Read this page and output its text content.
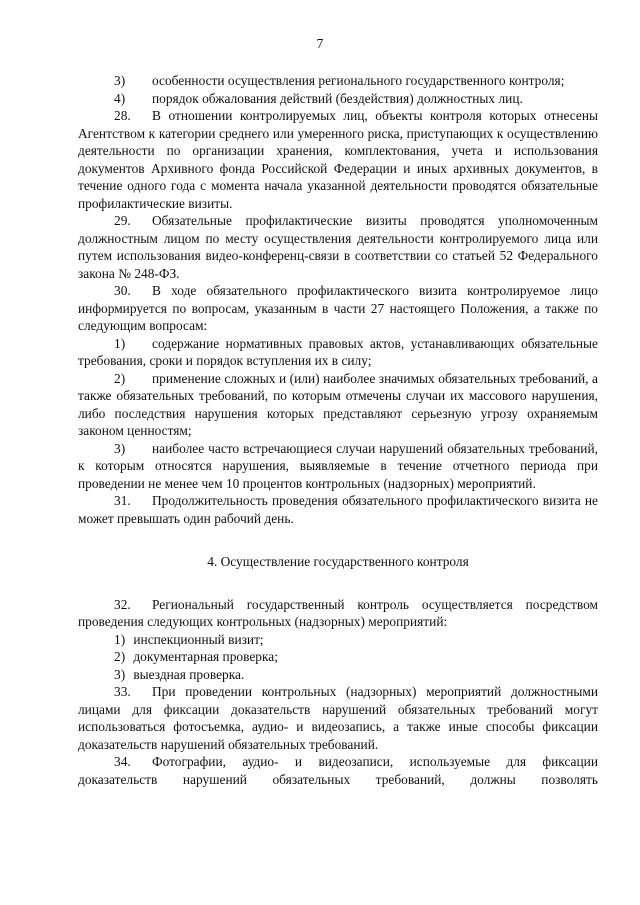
7

3) особенности осуществления регионального государственного контроля;

4) порядок обжалования действий (бездействия) должностных лиц.

28. В отношении контролируемых лиц, объекты контроля которых отнесены Агентством к категории среднего или умеренного риска, приступающих к осуществлению деятельности по организации хранения, комплектования, учета и использования документов Архивного фонда Российской Федерации и иных архивных документов, в течение одного года с момента начала указанной деятельности проводятся обязательные профилактические визиты.

29. Обязательные профилактические визиты проводятся уполномоченным должностным лицом по месту осуществления деятельности контролируемого лица или путем использования видео-конференц-связи в соответствии со статьей 52 Федерального закона № 248-ФЗ.

30. В ходе обязательного профилактического визита контролируемое лицо информируется по вопросам, указанным в части 27 настоящего Положения, а также по следующим вопросам:

1) содержание нормативных правовых актов, устанавливающих обязательные требования, сроки и порядок вступления их в силу;

2) применение сложных и (или) наиболее значимых обязательных требований, а также обязательных требований, по которым отмечены случаи их массового нарушения, либо последствия нарушения которых представляют серьезную угрозу охраняемым законом ценностям;

3) наиболее часто встречающиеся случаи нарушений обязательных требований, к которым относятся нарушения, выявляемые в течение отчетного периода при проведении не менее чем 10 процентов контрольных (надзорных) мероприятий.

31. Продолжительность проведения обязательного профилактического визита не может превышать один рабочий день.

4. Осуществление государственного контроля

32. Региональный государственный контроль осуществляется посредством проведения следующих контрольных (надзорных) мероприятий:

1) инспекционный визит;

2) документарная проверка;

3) выездная проверка.

33. При проведении контрольных (надзорных) мероприятий должностными лицами для фиксации доказательств нарушений обязательных требований могут использоваться фотосъемка, аудио- и видеозапись, а также иные способы фиксации доказательств нарушений обязательных требований.

34. Фотографии, аудио- и видеозаписи, используемые для фиксации доказательств нарушений обязательных требований, должны позволять
